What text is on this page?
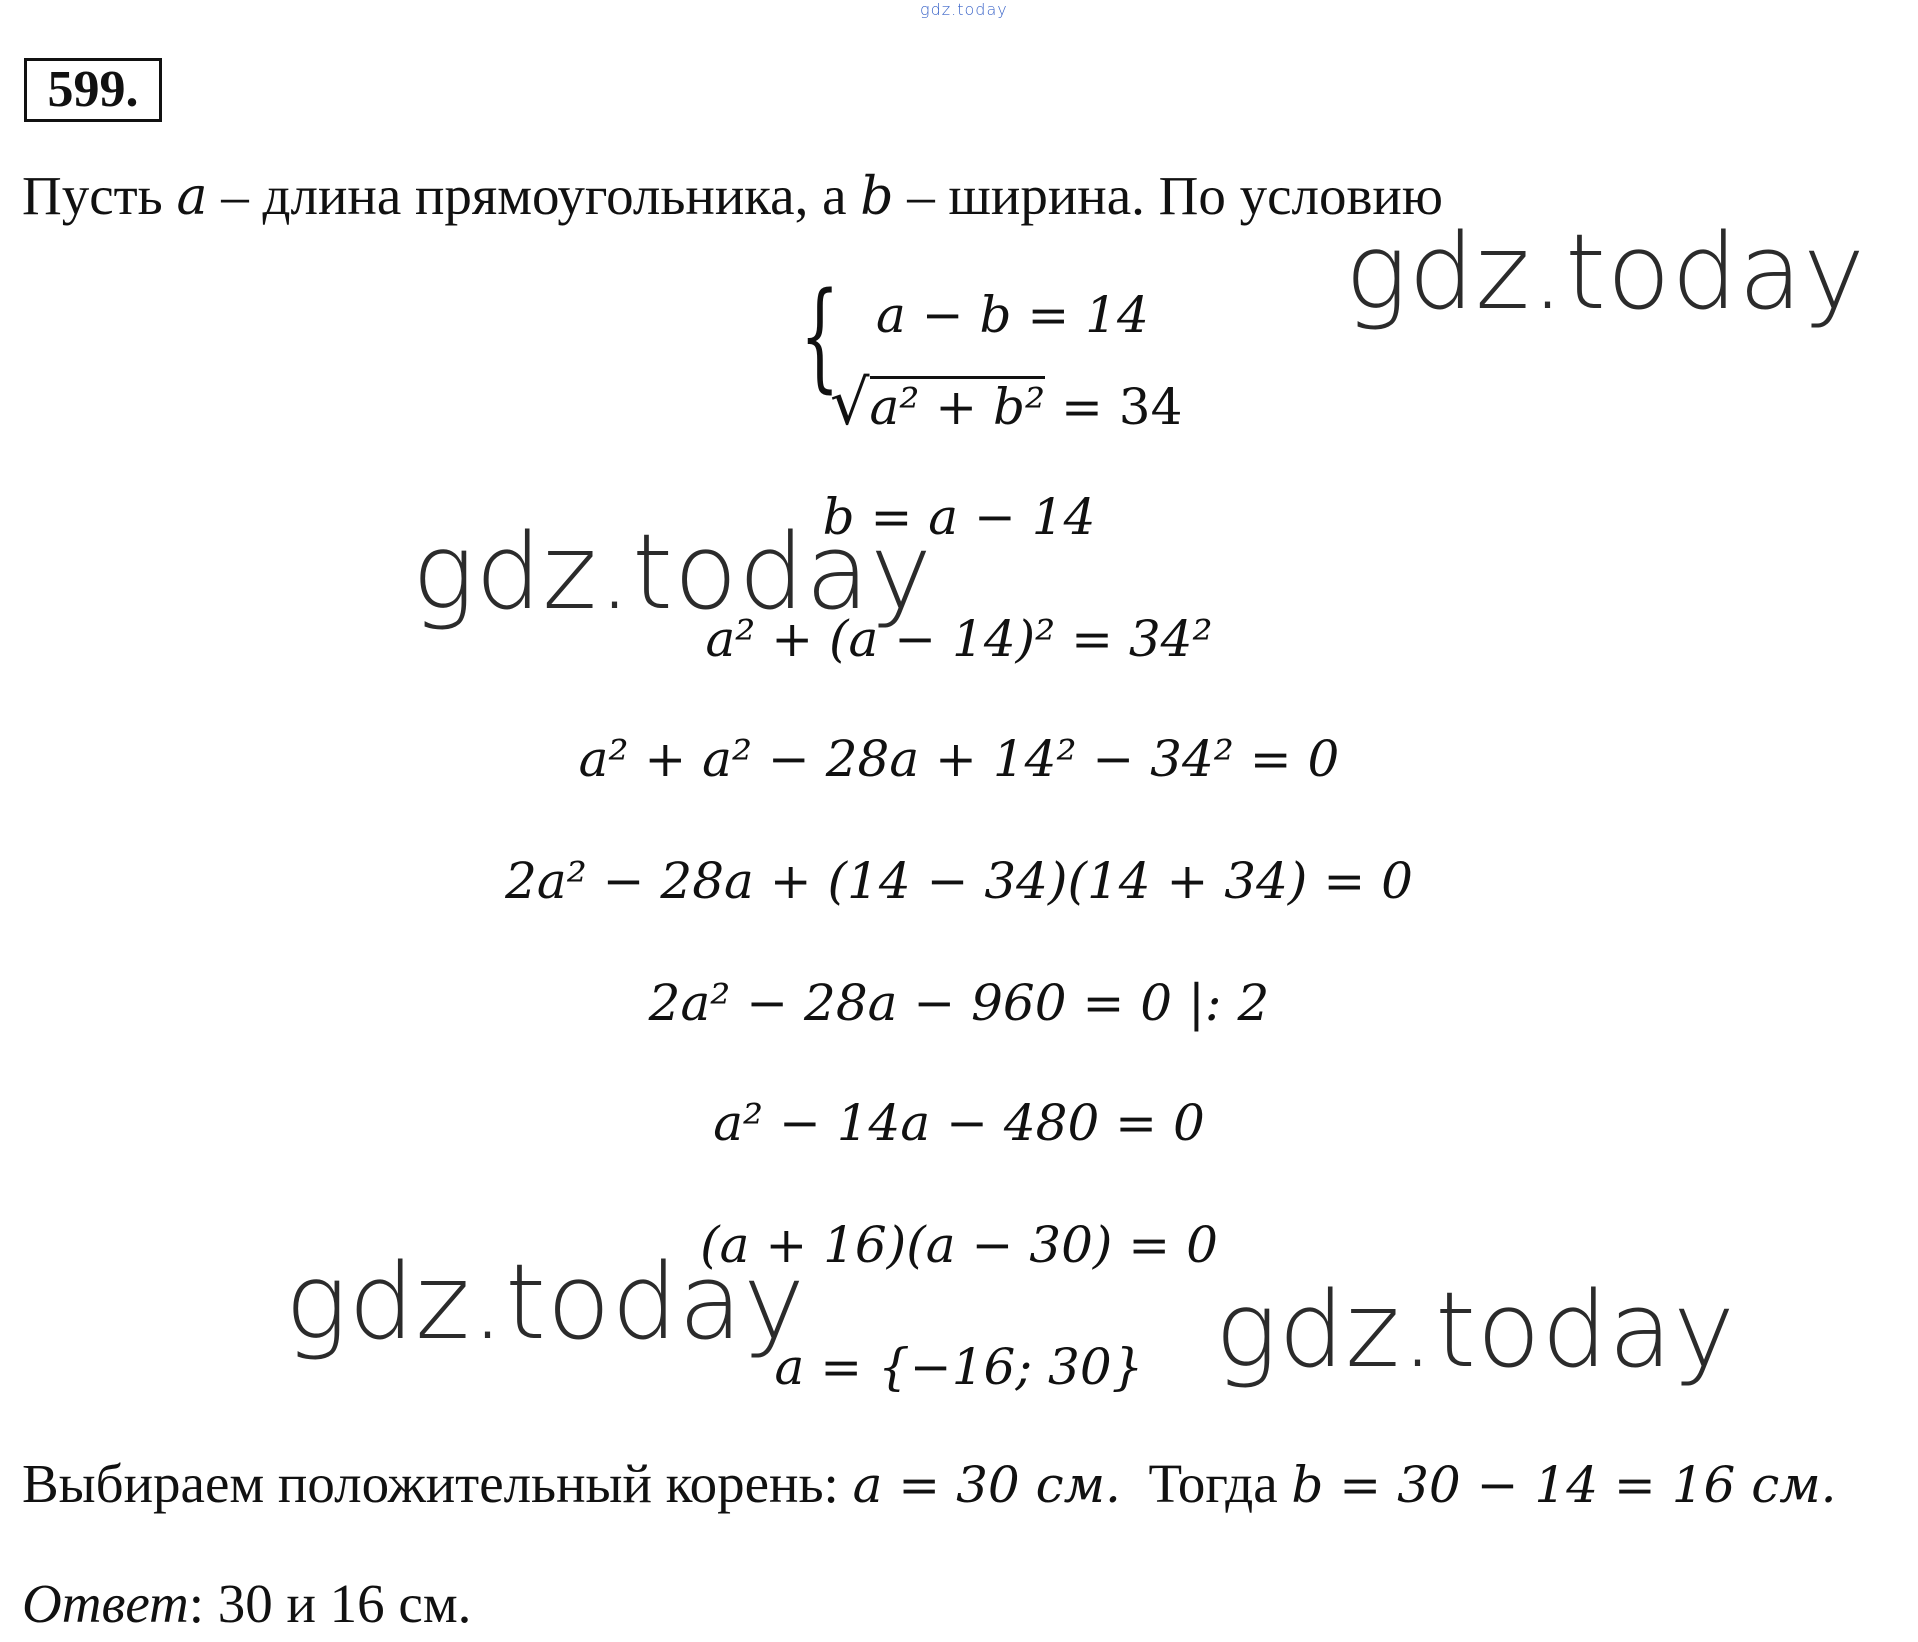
gdz.today
599.
Пусть a – длина прямоугольника, а b – ширина. По условию
gdz.today
{ a − b = 14
√
a² + b² = 34
gdz.today
b = a − 14
a² + (a − 14)² = 34²
a² + a² − 28a + 14² − 34² = 0
2a² − 28a + (14 − 34)(14 + 34) = 0
2a² − 28a − 960 = 0 |: 2
a² − 14a − 480 = 0
(a + 16)(a − 30) = 0
a = {−16; 30}
gdz.today	gdz.today
Выбираем положительный корень: a = 30 см.  Тогда b = 30 − 14 = 16 см.
Ответ: 30 и 16 см.
